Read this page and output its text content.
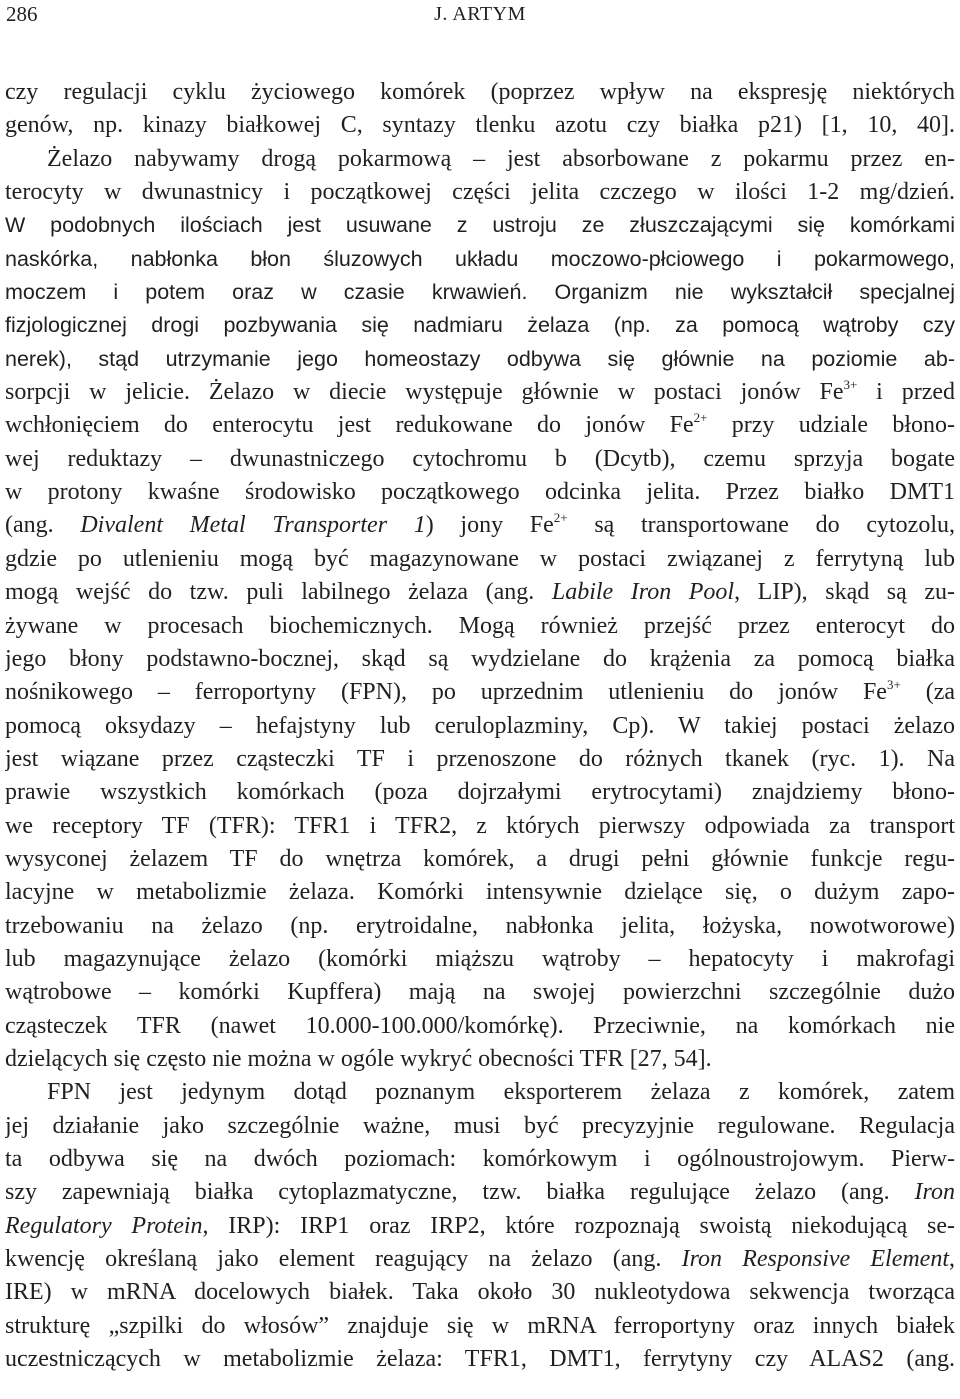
286	J. ARTYM
czy regulacji cyklu życiowego komórek (poprzez wpływ na ekspresję niektórych
genów, np. kinazy białkowej C, syntazy tlenku azotu czy białka p21) [1, 10, 40].
Żelazo nabywamy drogą pokarmową – jest absorbowane z pokarmu przez en-
terocyty w dwunastnicy i początkowej części jelita czczego w ilości 1-2 mg/dzień.
W podobnych ilościach jest usuwane z ustroju ze złuszczającymi się komórkami
naskórka, nabłonka błon śluzowych układu moczowo-płciowego i pokarmowego,
moczem i potem oraz w czasie krwawień. Organizm nie wykształcił specjalnej
fizjologicznej drogi pozbywania się nadmiaru żelaza (np. za pomocą wątroby czy
nerek), stąd utrzymanie jego homeostazy odbywa się głównie na poziomie ab-
sorpcji w jelicie. Żelazo w diecie występuje głównie w postaci jonów $Fe^{3+}$ i przed
wchłonięciem do enterocytu jest redukowane do jonów $Fe^{2+}$ przy udziale błono-
wej reduktazy – dwunastniczego cytochromu b (Dcytb), czemu sprzyja bogate
w protony kwaśne środowisko początkowego odcinka jelita. Przez białko DMT1
(ang. Divalent Metal Transporter 1) jony $Fe^{2+}$ są transportowane do cytozolu,
gdzie po utlenieniu mogą być magazynowane w postaci związanej z ferrytyną lub
mogą wejść do tzw. puli labilnego żelaza (ang. Labile Iron Pool, LIP), skąd są zu-
żywane w procesach biochemicznych. Mogą również przejść przez enterocyt do
jego błony podstawno-bocznej, skąd są wydzielane do krążenia za pomocą białka
nośnikowego – ferroportyny (FPN), po uprzednim utlenieniu do jonów $Fe^{3+}$ (za
pomocą oksydazy – hefajstyny lub ceruloplazminy, Cp). W takiej postaci żelazo
jest wiązane przez cząsteczki TF i przenoszone do różnych tkanek (ryc. 1). Na
prawie wszystkich komórkach (poza dojrzałymi erytrocytami) znajdziemy błono-
we receptory TF (TFR): TFR1 i TFR2, z których pierwszy odpowiada za transport
wysyconej żelazem TF do wnętrza komórek, a drugi pełni głównie funkcje regu-
lacyjne w metabolizmie żelaza. Komórki intensywnie dzielące się, o dużym zapo-
trzebowaniu na żelazo (np. erytroidalne, nabłonka jelita, łożyska, nowotworowe)
lub magazynujące żelazo (komórki miąższu wątroby – hepatocyty i makrofagi
wątrobowe – komórki Kupffera) mają na swojej powierzchni szczególnie dużo
cząsteczek TFR (nawet 10.000-100.000/komórkę). Przeciwnie, na komórkach nie
dzielących się często nie można w ogóle wykryć obecności TFR [27, 54].
FPN jest jedynym dotąd poznanym eksporterem żelaza z komórek, zatem
jej działanie jako szczególnie ważne, musi być precyzyjnie regulowane. Regulacja
ta odbywa się na dwóch poziomach: komórkowym i ogólnoustrojowym. Pierw-
szy zapewniają białka cytoplazmatyczne, tzw. białka regulujące żelazo (ang. Iron
Regulatory Protein, IRP): IRP1 oraz IRP2, które rozpoznają swoistą niekodującą se-
kwencję określaną jako element reagujący na żelazo (ang. Iron Responsive Element,
IRE) w mRNA docelowych białek. Taka około 30 nukleotydowa sekwencja tworząca
strukturę „szpilki do włosów” znajduje się w mRNA ferroportyny oraz innych białek
uczestniczących w metabolizmie żelaza: TFR1, DMT1, ferrytyny czy ALAS2 (ang.
